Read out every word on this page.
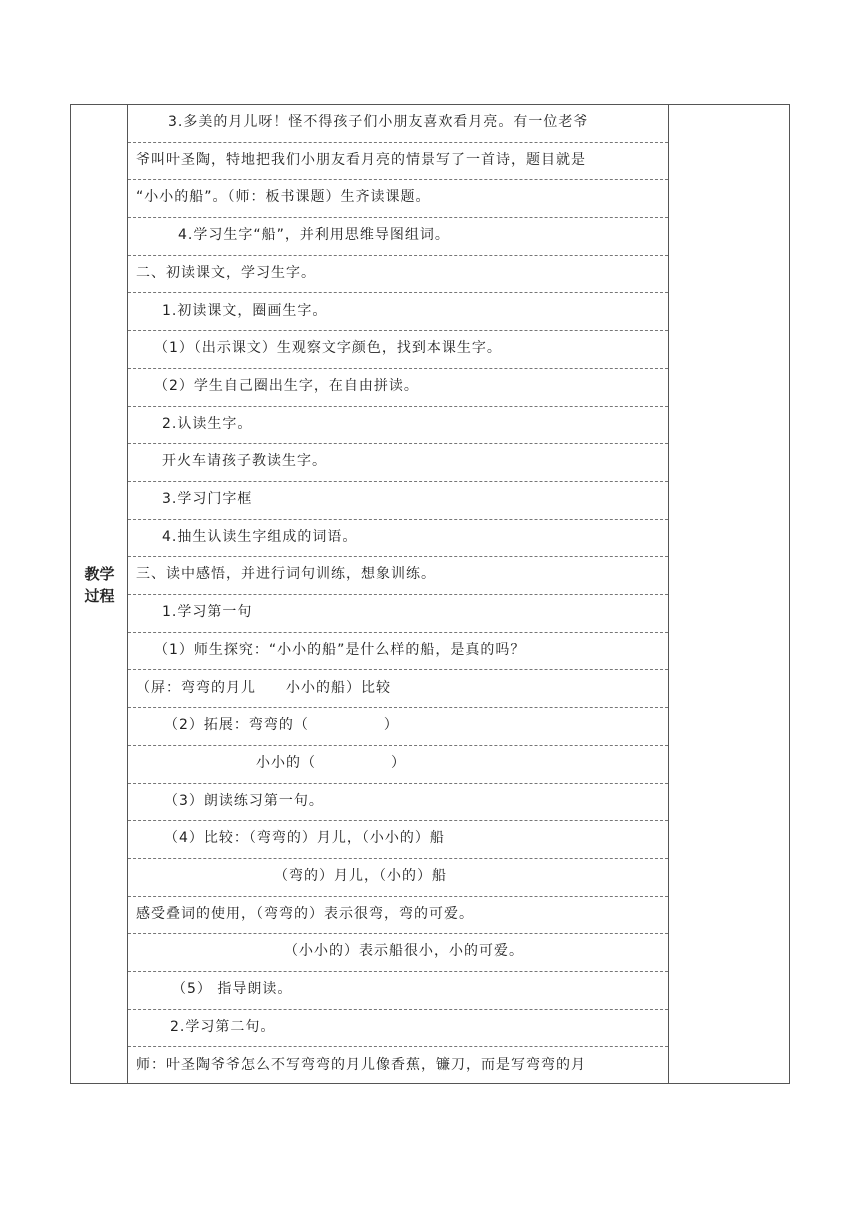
教学
过程
3.多美的月儿呀！怪不得孩子们小朋友喜欢看月亮。有一位老爷
爷叫叶圣陶，特地把我们小朋友看月亮的情景写了一首诗，题目就是
“小小的船”。（师：板书课题）生齐读课题。
4.学习生字“船”，并利用思维导图组词。
二、初读课文，学习生字。
1.初读课文，圈画生字。
（1）（出示课文）生观察文字颜色，找到本课生字。
（2）学生自己圈出生字，在自由拼读。
2.认读生字。
开火车请孩子教读生字。
3.学习门字框
4.抽生认读生字组成的词语。
三、读中感悟，并进行词句训练，想象训练。
1.学习第一句
（1）师生探究：“小小的船”是什么样的船，是真的吗？
（屏：弯弯的月儿　　小小的船）比较
（2）拓展：弯弯的（　　　　　）
小小的（　　　　　）
（3）朗读练习第一句。
（4）比较：（弯弯的）月儿，（小小的）船
（弯的）月儿，（小的）船
感受叠词的使用，（弯弯的）表示很弯，弯的可爱。
（小小的）表示船很小，小的可爱。
（5） 指导朗读。
2.学习第二句。
师：叶圣陶爷爷怎么不写弯弯的月儿像香蕉，镰刀，而是写弯弯的月
